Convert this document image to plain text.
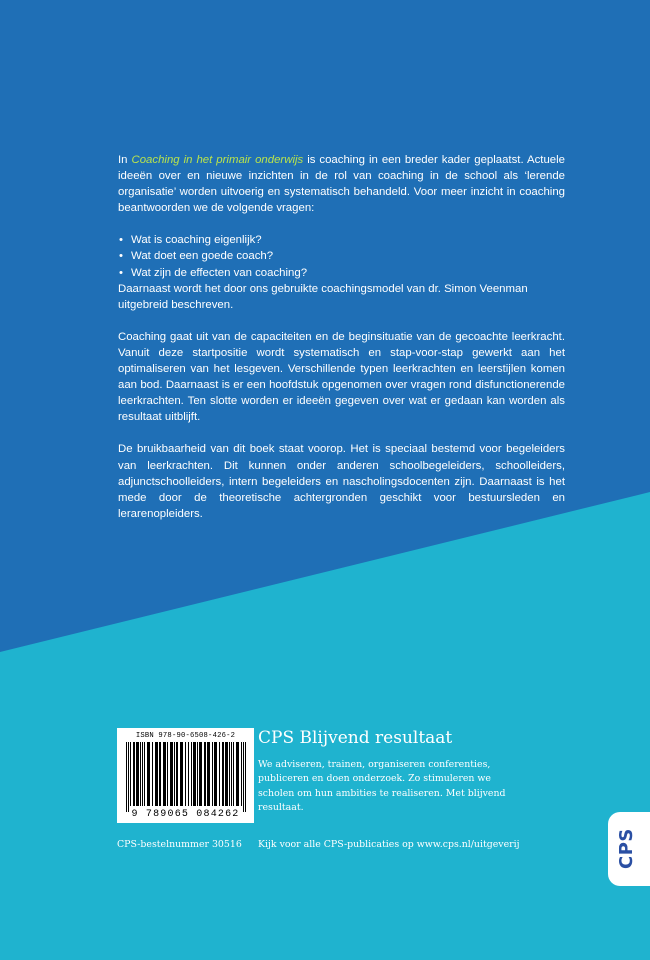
In Coaching in het primair onderwijs is coaching in een breder kader geplaatst. Actuele ideeën over en nieuwe inzichten in de rol van coaching in de school als ‘lerende organisatie’ worden uitvoerig en systematisch behandeld. Voor meer inzicht in coaching beantwoorden we de volgende vragen:

• Wat is coaching eigenlijk?
• Wat doet een goede coach?
• Wat zijn de effecten van coaching?

Daarnaast wordt het door ons gebruikte coachingsmodel van dr. Simon Veenman uitgebreid beschreven.

Coaching gaat uit van de capaciteiten en de beginsituatie van de gecoachte leerkracht. Vanuit deze startpositie wordt systematisch en stap-voor-stap gewerkt aan het optimaliseren van het lesgeven. Verschillende typen leerkrachten en leerstijlen komen aan bod. Daarnaast is er een hoofdstuk opgenomen over vragen rond disfunctionerende leerkrachten. Ten slotte worden er ideeën gegeven over wat er gedaan kan worden als resultaat uitblijft.

De bruikbaarheid van dit boek staat voorop. Het is speciaal bestemd voor begeleiders van leerkrachten. Dit kunnen onder anderen schoolbegeleiders, schoolleiders, adjunctschoolleiders, intern begeleiders en nascholingsdocenten zijn. Daarnaast is het mede door de theoretische achtergronden geschikt voor bestuursleden en lerarenopleiders.

ISBN 978-90-6508-426-2
9 789065 084262
CPS Blijvend resultaat
We adviseren, trainen, organiseren conferenties, publiceren en doen onderzoek. Zo stimuleren we scholen om hun ambities te realiseren. Met blijvend resultaat.
CPS-bestelnummer 30516 Kijk voor alle CPS-publicaties op www.cps.nl/uitgeverij	CPS
